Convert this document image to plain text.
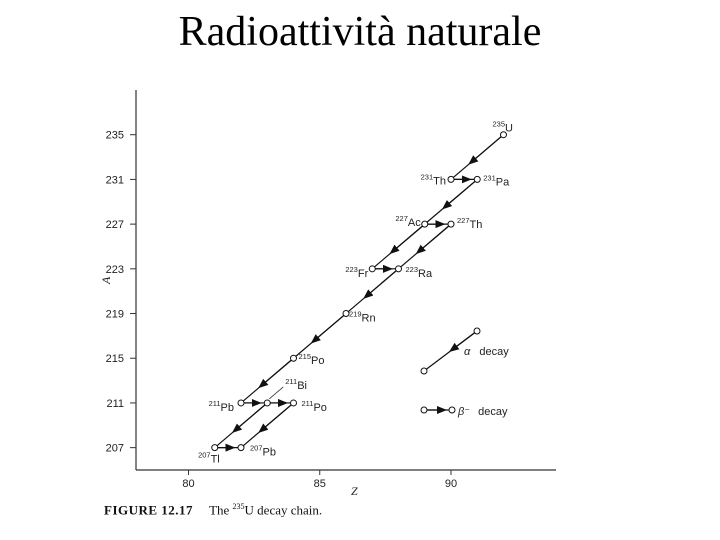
Radioattività naturale
235
231
227
223
219
215
211
207
80	85	90
A
Z
$^{235}$U
$^{231}$Th	$^{231}$Pa
$^{227}$Ac	$^{227}$Th
$^{223}$Fr	$^{223}$Ra
$^{219}$Rn
$^{215}$Po
$^{211}$Pb
$^{211}$Bi
$^{211}$Po
$^{207}$Tl
$^{207}$Pb
α decay
β⁻ decay
FIGURE 12.17 The $^{235}$U decay chain.
